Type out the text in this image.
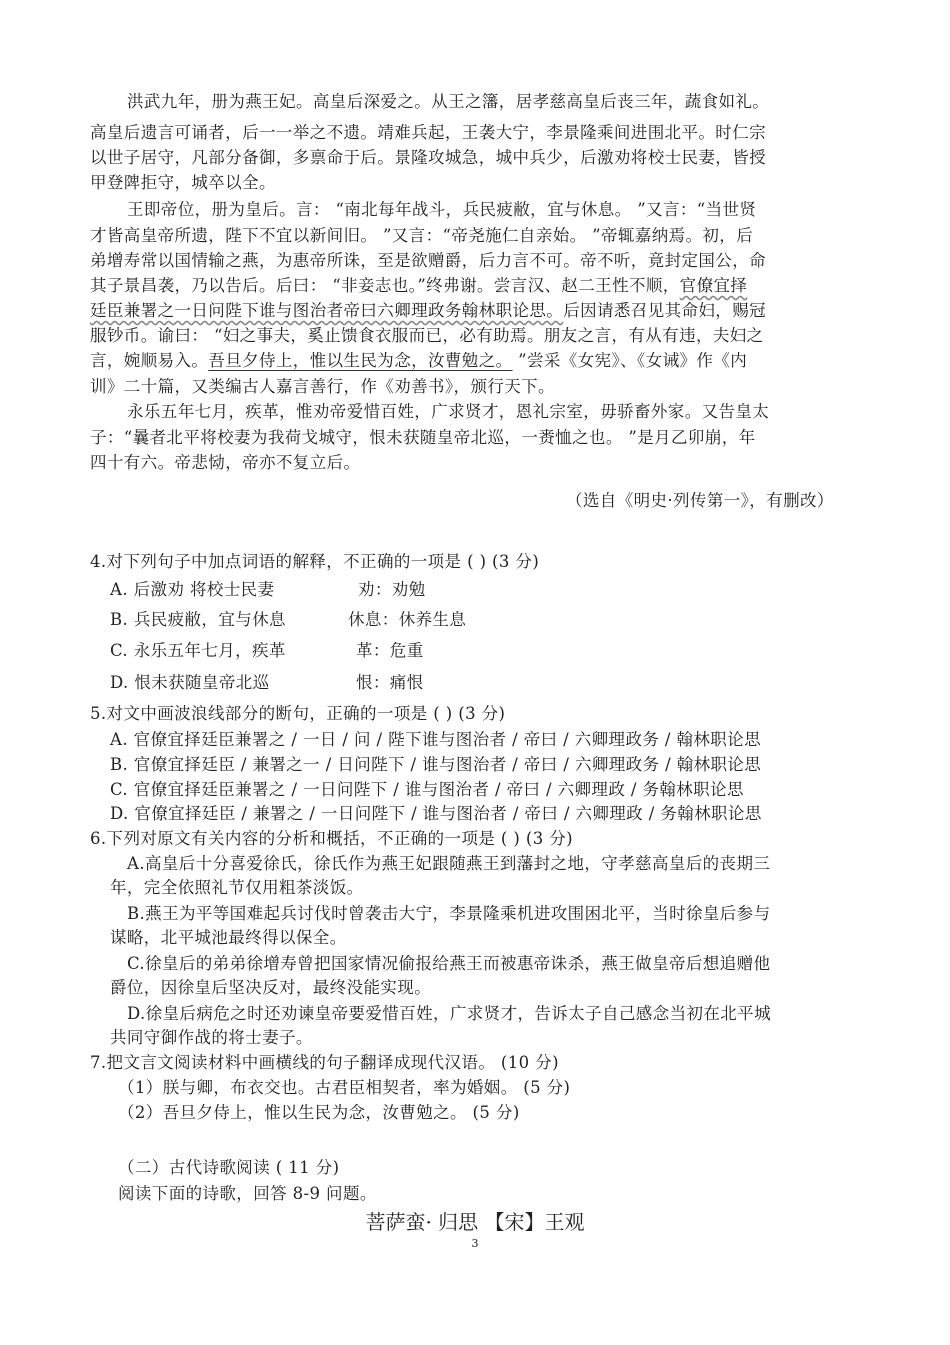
洪武九年，册为燕王妃。高皇后深爱之。从王之籓，居孝慈高皇后丧三年，蔬食如礼。
高皇后遗言可诵者，后一一举之不遗。靖难兵起，王袭大宁，李景隆乘间进围北平。时仁宗
以世子居守，凡部分备御，多禀命于后。景隆攻城急，城中兵少，后激劝将校士民妻，皆授
甲登陴拒守，城卒以全。
王即帝位，册为皇后。言： “南北每年战斗，兵民疲敝，宜与休息。 ”又言：“当世贤
才皆高皇帝所遗，陛下不宜以新间旧。 ”又言：“帝尧施仁自亲始。 ”帝辄嘉纳焉。初，后
弟增寿常以国情输之燕，为惠帝所诛，至是欲赠爵，后力言不可。帝不听，竟封定国公，命
其子景昌袭，乃以告后。后曰： “非妾志也。”终弗谢。尝言汉、赵二王性不顺，官僚宜择
廷臣兼署之一日问陛下谁与图治者帝曰六卿理政务翰林职论思。后因请悉召见其命妇，赐冠
服钞币。谕曰： “妇之事夫，奚止馈食衣服而已，必有助焉。朋友之言，有从有违，夫妇之
言，婉顺易入。吾旦夕侍上，惟以生民为念，汝曹勉之。 ”尝采《女宪》、《女诫》作《内
训》二十篇，又类编古人嘉言善行，作《劝善书》，颁行天下。
永乐五年七月，疾革，惟劝帝爱惜百姓，广求贤才，恩礼宗室，毋骄畜外家。又告皇太
子：“曩者北平将校妻为我荷戈城守，恨未获随皇帝北巡，一赉恤之也。 ”是月乙卯崩，年
四十有六。帝悲恸，帝亦不复立后。
（选自《明史·列传第一》，有删改）
4.对下列句子中加点词语的解释，不正确的一项是 ( ) (3 分)
A. 后激劝 将校士民妻	劝：劝勉
B. 兵民疲敝，宜与休息	休息：休养生息
C. 永乐五年七月，疾革	革：危重
D. 恨未获随皇帝北巡	恨：痛恨
5.对文中画波浪线部分的断句，正确的一项是 ( ) (3 分)
A. 官僚宜择廷臣兼署之 / 一日 / 问 / 陛下谁与图治者 / 帝曰 / 六卿理政务 / 翰林职论思
B. 官僚宜择廷臣 / 兼署之一 / 日问陛下 / 谁与图治者 / 帝曰 / 六卿理政务 / 翰林职论思
C. 官僚宜择廷臣兼署之 / 一日问陛下 / 谁与图治者 / 帝曰 / 六卿理政 / 务翰林职论思
D. 官僚宜择廷臣 / 兼署之 / 一日问陛下 / 谁与图治者 / 帝曰 / 六卿理政 / 务翰林职论思
6.下列对原文有关内容的分析和概括，不正确的一项是 ( ) (3 分)
A.高皇后十分喜爱徐氏，徐氏作为燕王妃跟随燕王到藩封之地，守孝慈高皇后的丧期三
年，完全依照礼节仅用粗茶淡饭。
B.燕王为平等国难起兵讨伐时曾袭击大宁，李景隆乘机进攻围困北平，当时徐皇后参与
谋略，北平城池最终得以保全。
C.徐皇后的弟弟徐增寿曾把国家情况偷报给燕王而被惠帝诛杀，燕王做皇帝后想追赠他
爵位，因徐皇后坚决反对，最终没能实现。
D.徐皇后病危之时还劝谏皇帝要爱惜百姓，广求贤才，告诉太子自己感念当初在北平城
共同守御作战的将士妻子。
7.把文言文阅读材料中画横线的句子翻译成现代汉语。 (10 分)
（1）朕与卿，布衣交也。古君臣相契者，率为婚姻。 (5 分)
（2）吾旦夕侍上，惟以生民为念，汝曹勉之。 (5 分)
（二）古代诗歌阅读 ( 11 分)
阅读下面的诗歌，回答 8-9 问题。
菩萨蛮· 归思 【宋】王观
3
